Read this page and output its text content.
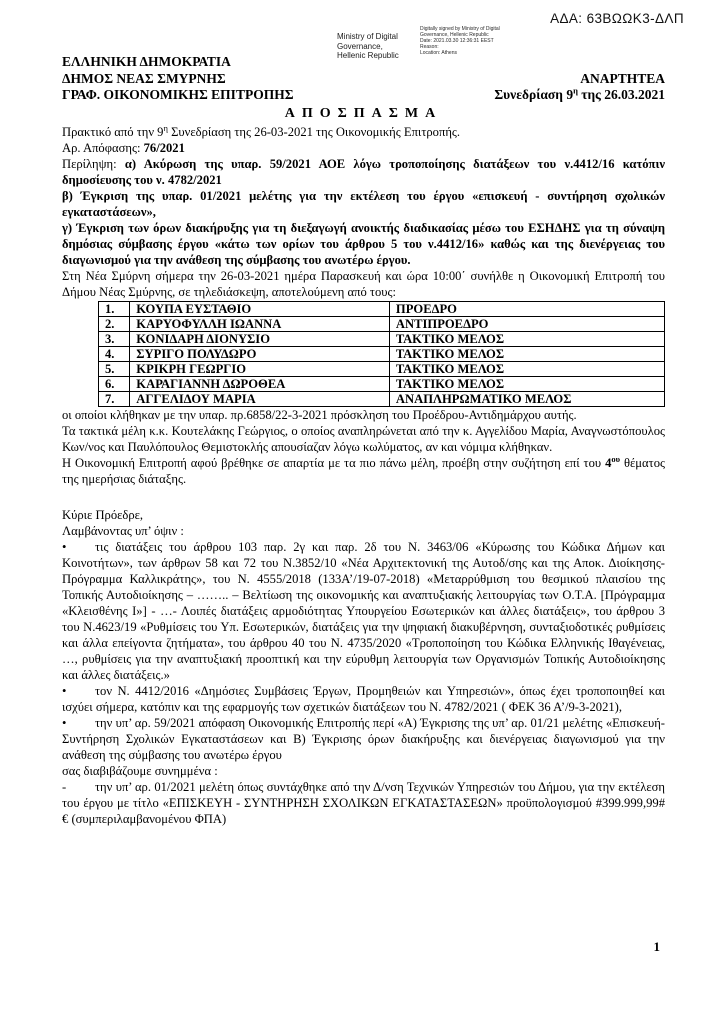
ΑΔΑ: 63ΒΩΩΚ3-ΔΛΠ
Ministry of Digital Governance, Hellenic Republic
Digitally signed by Ministry of Digital Governance, Hellenic Republic
Date: 2021.03.30 12:36:31 EEST
Reason:
Location: Athens
ΕΛΛΗΝΙΚΗ ΔΗΜΟΚΡΑΤΙΑ
ΔΗΜΟΣ ΝΕΑΣ ΣΜΥΡΝΗΣ
ΓΡΑΦ. ΟΙΚΟΝΟΜΙΚΗΣ ΕΠΙΤΡΟΠΗΣ
ΑΝΑΡΤΗΤΕΑ
Συνεδρίαση $9^\eta$ της 26.03.2021
ΑΠΟΣΠΑΣΜΑ

Πρακτικό από την $9^\eta$ Συνεδρίαση της 26-03-2021 της Οικονομικής Επιτροπής.

Αρ. Απόφασης: 76/2021

Περίληψη: α) Ακύρωση της υπαρ. 59/2021 ΑΟΕ λόγω τροποποίησης διατάξεων του ν.4412/16 κατόπιν δημοσίευσης του ν. 4782/2021

β) Έγκριση της υπαρ. 01/2021 μελέτης για την εκτέλεση του έργου «επισκευή - συντήρηση σχολικών εγκαταστάσεων»,

γ) Έγκριση των όρων διακήρυξης για τη διεξαγωγή ανοικτής διαδικασίας μέσω του ΕΣΗΔΗΣ για τη σύναψη δημόσιας σύμβασης έργου «κάτω των ορίων του άρθρου 5 του ν.4412/16» καθώς και της διενέργειας του διαγωνισμού για την ανάθεση της σύμβασης του ανωτέρω έργου.

Στη Νέα Σμύρνη σήμερα την 26-03-2021 ημέρα Παρασκευή και ώρα 10:00΄ συνήλθε η Οικονομική Επιτροπή του Δήμου Νέας Σμύρνης, σε τηλεδιάσκεψη, αποτελούμενη από τους:

1.	ΚΟΥΠΑ ΕΥΣΤΑΘΙΟ	ΠΡΟΕΔΡΟ
2.	ΚΑΡΥΟΦΥΛΛΗ ΙΩΑΝΝΑ	ΑΝΤΙΠΡΟΕΔΡΟ
3.	ΚΟΝΙΔΑΡΗ ΔΙΟΝΥΣΙΟ	ΤΑΚΤΙΚΟ ΜΕΛΟΣ
4.	ΣΥΡΙΓΟ ΠΟΛΥΔΩΡΟ	ΤΑΚΤΙΚΟ ΜΕΛΟΣ
5.	ΚΡΙΚΡΗ ΓΕΩΡΓΙΟ	ΤΑΚΤΙΚΟ ΜΕΛΟΣ
6.	ΚΑΡΑΓΙΑΝΝΗ ΔΩΡΟΘΕΑ	ΤΑΚΤΙΚΟ ΜΕΛΟΣ
7.	ΑΓΓΕΛΙΔΟΥ ΜΑΡΙΑ	ΑΝΑΠΛΗΡΩΜΑΤΙΚΟ ΜΕΛΟΣ

οι οποίοι κλήθηκαν με την υπαρ. πρ.6858/22-3-2021 πρόσκληση του Προέδρου-Αντιδημάρχου αυτής.

Τα τακτικά μέλη κ.κ. Κουτελάκης Γεώργιος, ο οποίος αναπληρώνεται από την κ. Αγγελίδου Μαρία, Αναγνωστόπουλος Κων/νος και Παυλόπουλος Θεμιστοκλής απουσίαζαν λόγω κωλύματος, αν και νόμιμα κλήθηκαν.

Η Οικονομική Επιτροπή αφού βρέθηκε σε απαρτία με τα πιο πάνω μέλη, προέβη στην συζήτηση επί του $4^{o\upsilon}$ θέματος της ημερήσιας διάταξης.

Κύριε Πρόεδρε,

Λαμβάνοντας υπ’ όψιν :

• τις διατάξεις του άρθρου 103 παρ. 2γ και παρ. 2δ του Ν. 3463/06 «Κύρωσης του Κώδικα Δήμων και Κοινοτήτων», των άρθρων 58 και 72 του Ν.3852/10 «Νέα Αρχιτεκτονική της Αυτοδ/σης και της Αποκ. Διοίκησης-Πρόγραμμα Καλλικράτης», του Ν. 4555/2018 (133Α’/19-07-2018) «Μεταρρύθμιση του θεσμικού πλαισίου της Τοπικής Αυτοδιοίκησης – …….. – Βελτίωση της οικονομικής και αναπτυξιακής λειτουργίας των Ο.Τ.Α. [Πρόγραμμα «Κλεισθένης Ι»] - …- Λοιπές διατάξεις αρμοδιότητας Υπουργείου Εσωτερικών και άλλες διατάξεις», του άρθρου 3 του Ν.4623/19 «Ρυθμίσεις του Υπ. Εσωτερικών, διατάξεις για την ψηφιακή διακυβέρνηση, συνταξιοδοτικές ρυθμίσεις και άλλα επείγοντα ζητήματα», του άρθρου 40 του Ν. 4735/2020 «Τροποποίηση του Κώδικα Ελληνικής Ιθαγένειας, …, ρυθμίσεις για την αναπτυξιακή προοπτική και την εύρυθμη λειτουργία των Οργανισμών Τοπικής Αυτοδιοίκησης και άλλες διατάξεις.»

• τον Ν. 4412/2016 «Δημόσιες Συμβάσεις Έργων, Προμηθειών και Υπηρεσιών», όπως έχει τροποποιηθεί και ισχύει σήμερα, κατόπιν και της εφαρμογής των σχετικών διατάξεων του Ν. 4782/2021 ( ΦΕΚ 36 Α’/9-3-2021),

• την υπ’ αρ. 59/2021 απόφαση Οικονομικής Επιτροπής περί «Α) Έγκρισης της υπ’ αρ. 01/21 μελέτης «Επισκευή-Συντήρηση Σχολικών Εγκαταστάσεων και Β) Έγκρισης όρων διακήρυξης και διενέργειας διαγωνισμού για την ανάθεση της σύμβασης του ανωτέρω έργου

σας διαβιβάζουμε συνημμένα :

- την υπ’ αρ. 01/2021 μελέτη όπως συντάχθηκε από την Δ/νση Τεχνικών Υπηρεσιών του Δήμου, για την εκτέλεση του έργου με τίτλο «ΕΠΙΣΚΕΥΗ - ΣΥΝΤΗΡΗΣΗ ΣΧΟΛΙΚΩΝ ΕΓΚΑΤΑΣΤΑΣΕΩΝ» προϋπολογισμού #399.999,99# € (συμπεριλαμβανομένου ΦΠΑ)

1
